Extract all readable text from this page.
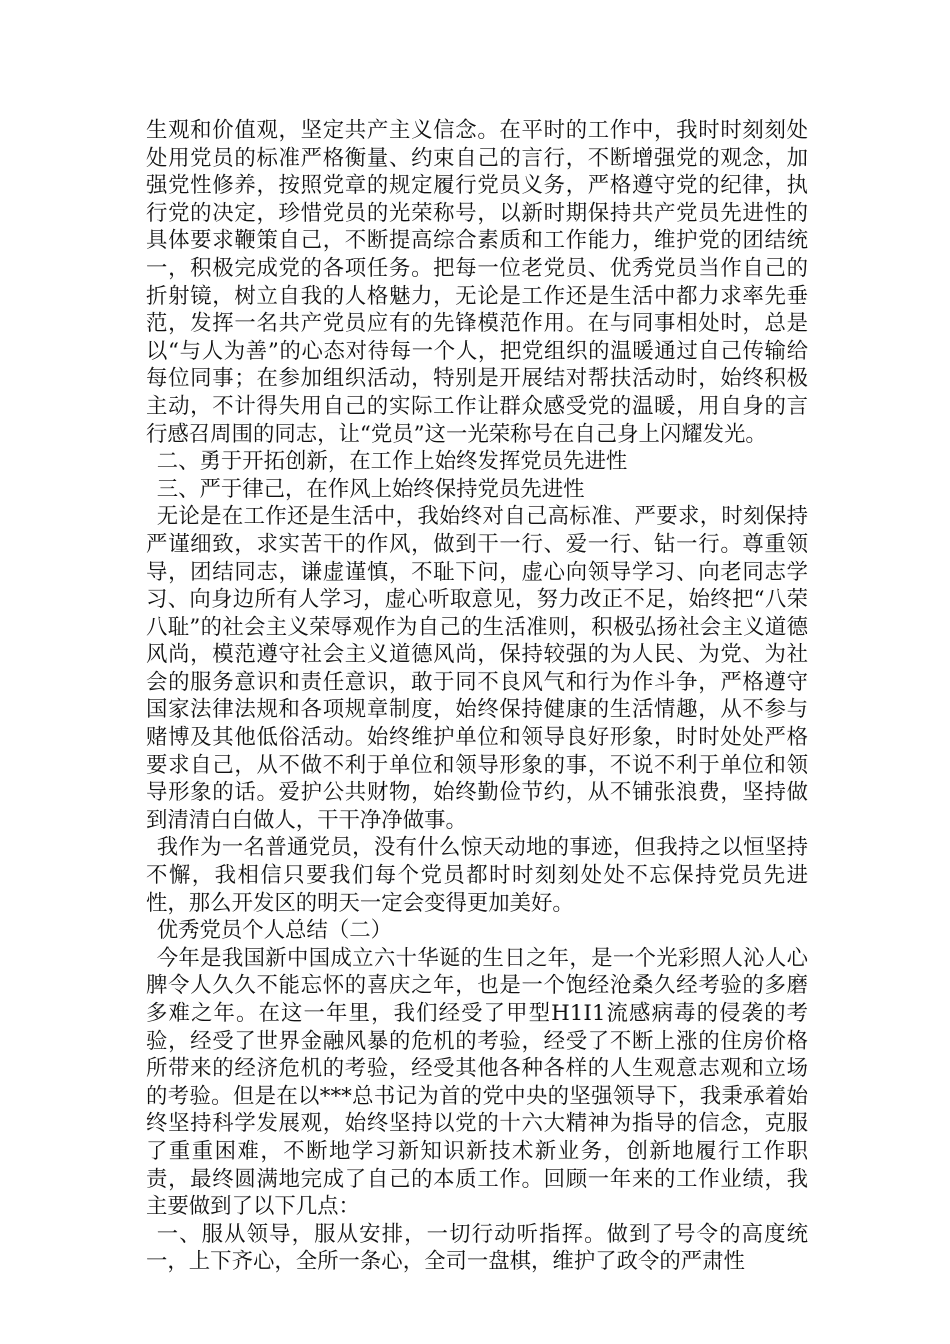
生观和价值观，坚定共产主义信念。在平时的工作中，我时时刻刻处处用党员的标准严格衡量、约束自己的言行，不断增强党的观念，加强党性修养，按照党章的规定履行党员义务，严格遵守党的纪律，执行党的决定，珍惜党员的光荣称号，以新时期保持共产党员先进性的具体要求鞭策自己，不断提高综合素质和工作能力，维护党的团结统一，积极完成党的各项任务。把每一位老党员、优秀党员当作自己的折射镜，树立自我的人格魅力，无论是工作还是生活中都力求率先垂范，发挥一名共产党员应有的先锋模范作用。在与同事相处时，总是以“与人为善”的心态对待每一个人，把党组织的温暖通过自己传输给每位同事；在参加组织活动，特别是开展结对帮扶活动时，始终积极主动，不计得失用自己的实际工作让群众感受党的温暖，用自身的言行感召周围的同志，让“党员”这一光荣称号在自己身上闪耀发光。

二、勇于开拓创新，在工作上始终发挥党员先进性

三、严于律己，在作风上始终保持党员先进性

无论是在工作还是生活中，我始终对自己高标准、严要求，时刻保持严谨细致，求实苦干的作风，做到干一行、爱一行、钻一行。尊重领导，团结同志，谦虚谨慎，不耻下问，虚心向领导学习、向老同志学习、向身边所有人学习，虚心听取意见，努力改正不足，始终把“八荣八耻”的社会主义荣辱观作为自己的生活准则，积极弘扬社会主义道德风尚，模范遵守社会主义道德风尚，保持较强的为人民、为党、为社会的服务意识和责任意识，敢于同不良风气和行为作斗争，严格遵守国家法律法规和各项规章制度，始终保持健康的生活情趣，从不参与赌博及其他低俗活动。始终维护单位和领导良好形象，时时处处严格要求自己，从不做不利于单位和领导形象的事，不说不利于单位和领导形象的话。爱护公共财物，始终勤俭节约，从不铺张浪费，坚持做到清清白白做人，干干净净做事。

我作为一名普通党员，没有什么惊天动地的事迹，但我持之以恒坚持不懈，我相信只要我们每个党员都时时刻刻处处不忘保持党员先进性，那么开发区的明天一定会变得更加美好。

优秀党员个人总结（二）

今年是我国新中国成立六十华诞的生日之年，是一个光彩照人沁人心脾令人久久不能忘怀的喜庆之年，也是一个饱经沧桑久经考验的多磨多难之年。在这一年里，我们经受了甲型H1I1流感病毒的侵袭的考验，经受了世界金融风暴的危机的考验，经受了不断上涨的住房价格所带来的经济危机的考验，经受其他各种各样的人生观意志观和立场的考验。但是在以***总书记为首的党中央的坚强领导下，我秉承着始终坚持科学发展观，始终坚持以党的十六大精神为指导的信念，克服了重重困难，不断地学习新知识新技术新业务，创新地履行工作职责，最终圆满地完成了自己的本质工作。回顾一年来的工作业绩，我主要做到了以下几点：

一、服从领导，服从安排，一切行动听指挥。做到了号令的高度统一，上下齐心，全所一条心，全司一盘棋，维护了政令的严肃性
